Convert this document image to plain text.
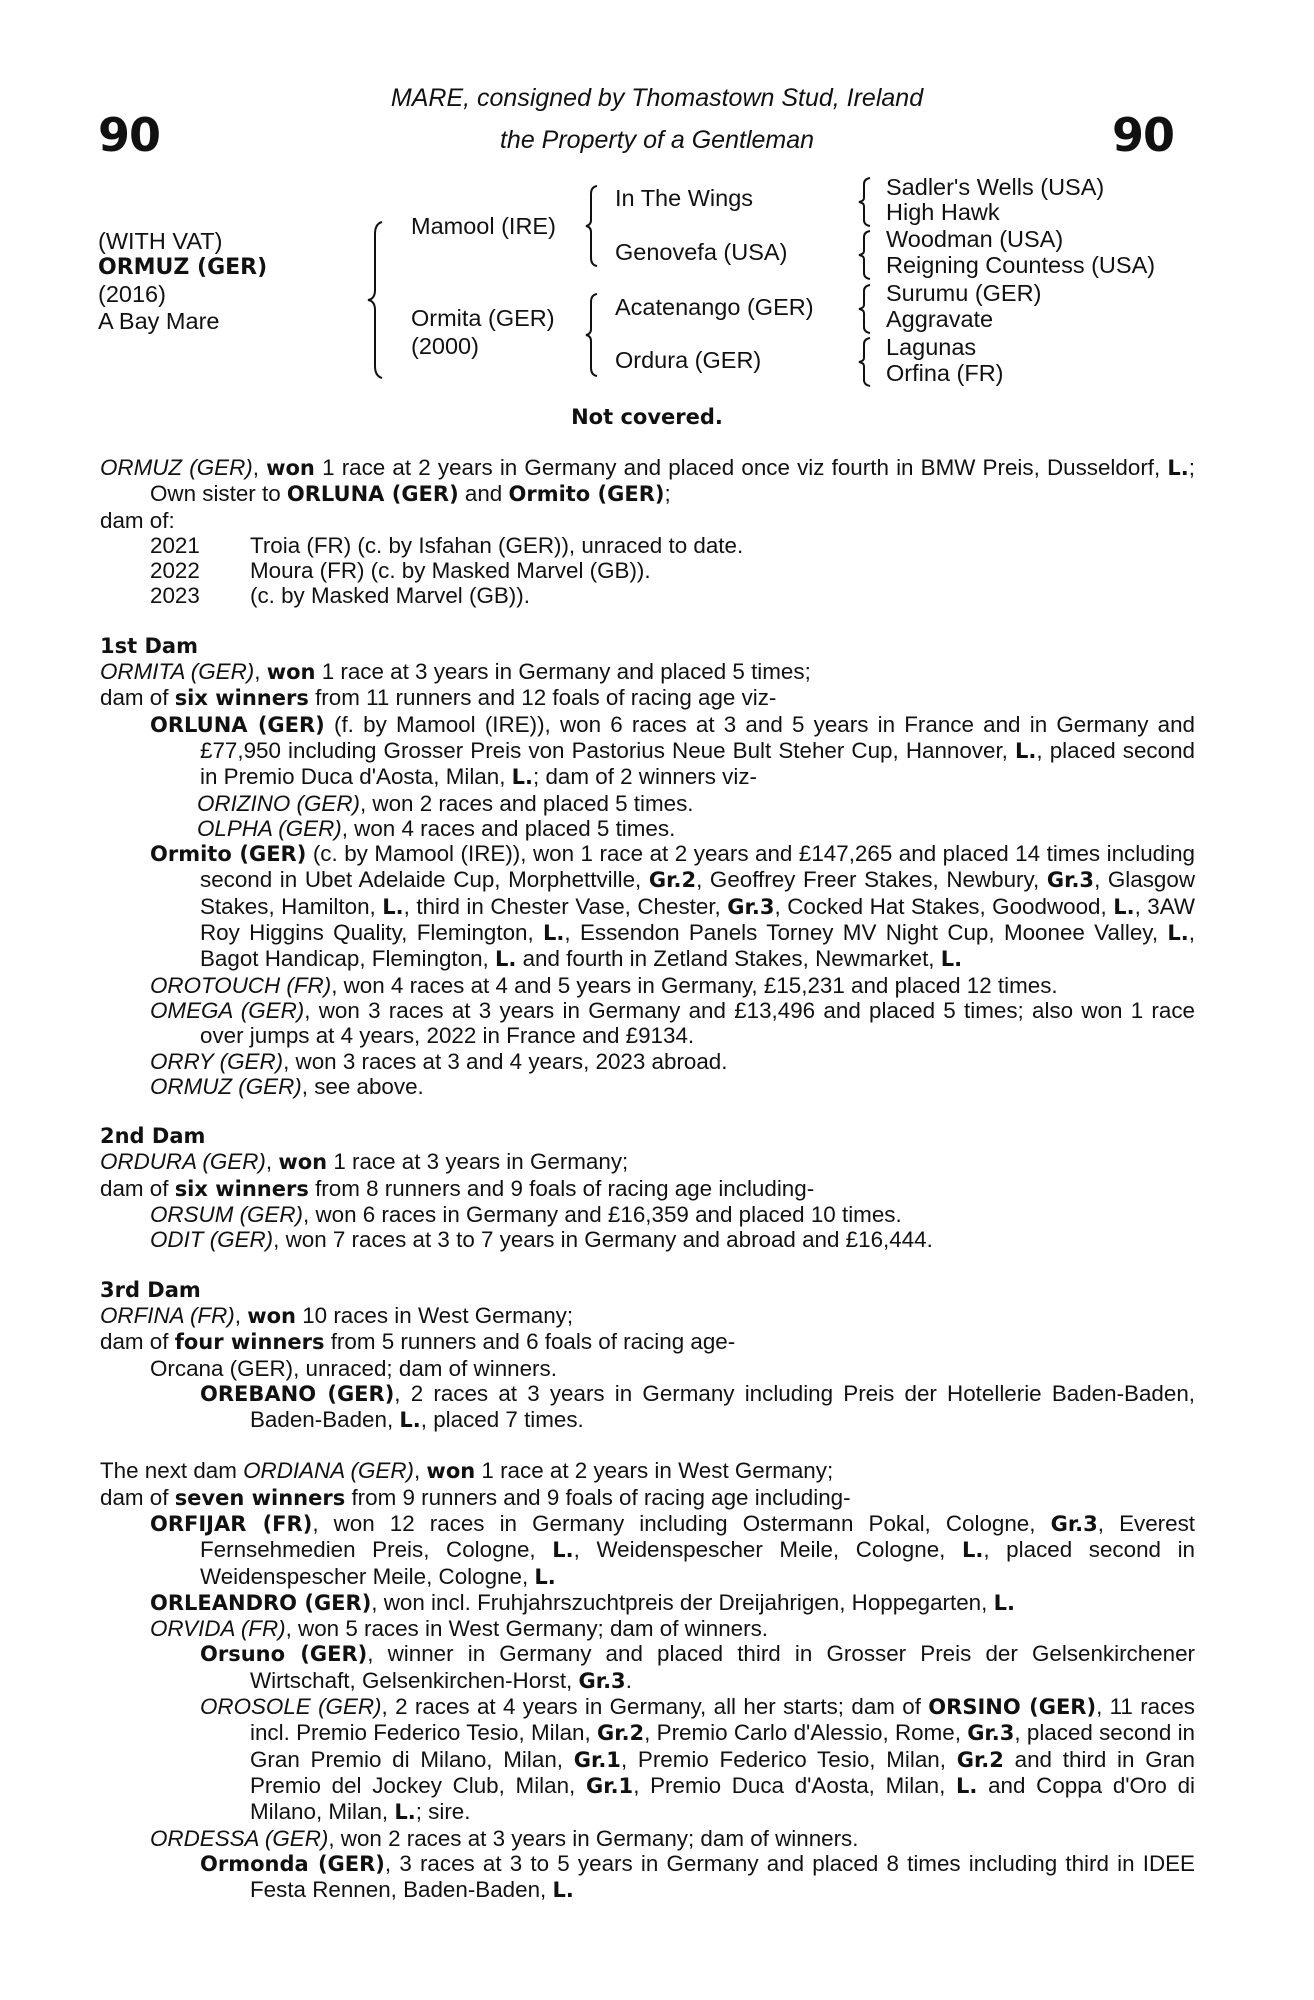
90	90
MARE, consigned by Thomastown Stud, Ireland
the Property of a Gentleman
(WITH VAT)
ORMUZ (GER)
(2016)
A Bay Mare
Mamool (IRE)
Ormita (GER)
(2000)
In The Wings
Genovefa (USA)
Acatenango (GER)
Ordura (GER)
Sadler's Wells (USA)
High Hawk
Woodman (USA)
Reigning Countess (USA)
Surumu (GER)
Aggravate
Lagunas
Orfina (FR)
Not covered.
ORMUZ (GER), won 1 race at 2 years in Germany and placed once viz fourth in BMW Preis, Dusseldorf, L.; Own sister to ORLUNA (GER) and Ormito (GER);
dam of:
2021 Troia (FR) (c. by Isfahan (GER)), unraced to date.
2022 Moura (FR) (c. by Masked Marvel (GB)).
2023 (c. by Masked Marvel (GB)).
1st Dam
ORMITA (GER), won 1 race at 3 years in Germany and placed 5 times;
dam of six winners from 11 runners and 12 foals of racing age viz-
ORLUNA (GER) (f. by Mamool (IRE)), won 6 races at 3 and 5 years in France and in Germany and £77,950 including Grosser Preis von Pastorius Neue Bult Steher Cup, Hannover, L., placed second in Premio Duca d'Aosta, Milan, L.; dam of 2 winners viz-
ORIZINO (GER), won 2 races and placed 5 times.
OLPHA (GER), won 4 races and placed 5 times.
Ormito (GER) (c. by Mamool (IRE)), won 1 race at 2 years and £147,265 and placed 14 times including second in Ubet Adelaide Cup, Morphettville, Gr.2, Geoffrey Freer Stakes, Newbury, Gr.3, Glasgow Stakes, Hamilton, L., third in Chester Vase, Chester, Gr.3, Cocked Hat Stakes, Goodwood, L., 3AW Roy Higgins Quality, Flemington, L., Essendon Panels Torney MV Night Cup, Moonee Valley, L., Bagot Handicap, Flemington, L. and fourth in Zetland Stakes, Newmarket, L.
OROTOUCH (FR), won 4 races at 4 and 5 years in Germany, £15,231 and placed 12 times.
OMEGA (GER), won 3 races at 3 years in Germany and £13,496 and placed 5 times; also won 1 race over jumps at 4 years, 2022 in France and £9134.
ORRY (GER), won 3 races at 3 and 4 years, 2023 abroad.
ORMUZ (GER), see above.
2nd Dam
ORDURA (GER), won 1 race at 3 years in Germany;
dam of six winners from 8 runners and 9 foals of racing age including-
ORSUM (GER), won 6 races in Germany and £16,359 and placed 10 times.
ODIT (GER), won 7 races at 3 to 7 years in Germany and abroad and £16,444.
3rd Dam
ORFINA (FR), won 10 races in West Germany;
dam of four winners from 5 runners and 6 foals of racing age-
Orcana (GER), unraced; dam of winners.
OREBANO (GER), 2 races at 3 years in Germany including Preis der Hotellerie Baden-Baden, Baden-Baden, L., placed 7 times.
The next dam ORDIANA (GER), won 1 race at 2 years in West Germany;
dam of seven winners from 9 runners and 9 foals of racing age including-
ORFIJAR (FR), won 12 races in Germany including Ostermann Pokal, Cologne, Gr.3, Everest Fernsehmedien Preis, Cologne, L., Weidenspescher Meile, Cologne, L., placed second in Weidenspescher Meile, Cologne, L.
ORLEANDRO (GER), won incl. Fruhjahrszuchtpreis der Dreijahrigen, Hoppegarten, L.
ORVIDA (FR), won 5 races in West Germany; dam of winners.
Orsuno (GER), winner in Germany and placed third in Grosser Preis der Gelsenkirchener Wirtschaft, Gelsenkirchen-Horst, Gr.3.
OROSOLE (GER), 2 races at 4 years in Germany, all her starts; dam of ORSINO (GER), 11 races incl. Premio Federico Tesio, Milan, Gr.2, Premio Carlo d'Alessio, Rome, Gr.3, placed second in Gran Premio di Milano, Milan, Gr.1, Premio Federico Tesio, Milan, Gr.2 and third in Gran Premio del Jockey Club, Milan, Gr.1, Premio Duca d'Aosta, Milan, L. and Coppa d'Oro di Milano, Milan, L.; sire.
ORDESSA (GER), won 2 races at 3 years in Germany; dam of winners.
Ormonda (GER), 3 races at 3 to 5 years in Germany and placed 8 times including third in IDEE Festa Rennen, Baden-Baden, L.
